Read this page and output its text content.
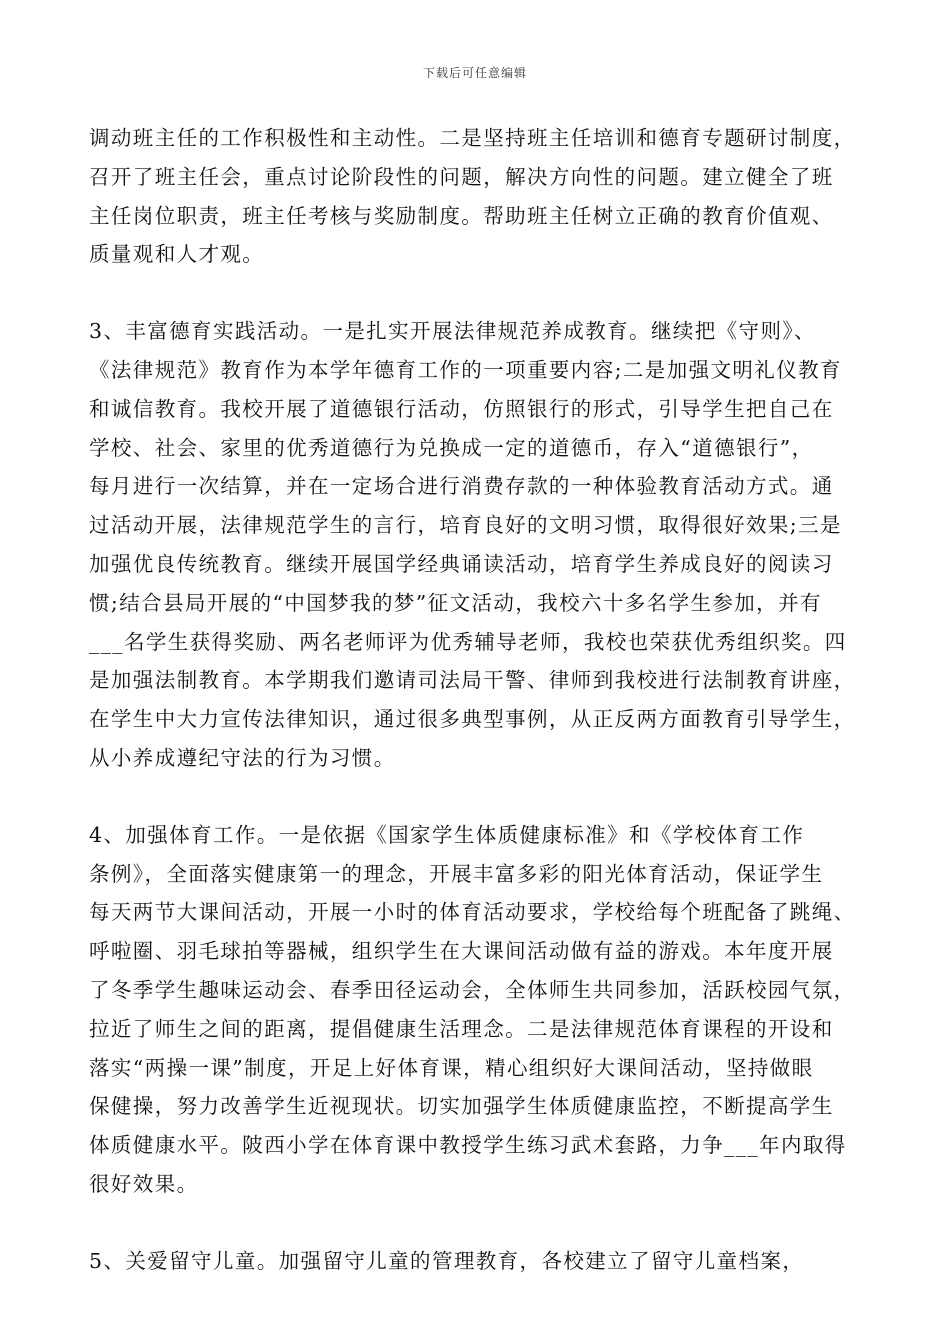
下载后可任意编辑
调动班主任的工作积极性和主动性。二是坚持班主任培训和德育专题研讨制度，
召开了班主任会，重点讨论阶段性的问题，解决方向性的问题。建立健全了班
主任岗位职责，班主任考核与奖励制度。帮助班主任树立正确的教育价值观、
质量观和人才观。
3、丰富德育实践活动。一是扎实开展法律规范养成教育。继续把《守则》、
《法律规范》教育作为本学年德育工作的一项重要内容;二是加强文明礼仪教育
和诚信教育。我校开展了道德银行活动，仿照银行的形式，引导学生把自己在
学校、社会、家里的优秀道德行为兑换成一定的道德币，存入“道德银行”，
每月进行一次结算，并在一定场合进行消费存款的一种体验教育活动方式。通
过活动开展，法律规范学生的言行，培育良好的文明习惯，取得很好效果;三是
加强优良传统教育。继续开展国学经典诵读活动，培育学生养成良好的阅读习
惯;结合县局开展的“中国梦我的梦”征文活动，我校六十多名学生参加，并有
___名学生获得奖励、两名老师评为优秀辅导老师，我校也荣获优秀组织奖。四
是加强法制教育。本学期我们邀请司法局干警、律师到我校进行法制教育讲座，
在学生中大力宣传法律知识，通过很多典型事例，从正反两方面教育引导学生，
从小养成遵纪守法的行为习惯。
4、加强体育工作。一是依据《国家学生体质健康标准》和《学校体育工作
条例》，全面落实健康第一的理念，开展丰富多彩的阳光体育活动，保证学生
每天两节大课间活动，开展一小时的体育活动要求，学校给每个班配备了跳绳、
呼啦圈、羽毛球拍等器械，组织学生在大课间活动做有益的游戏。本年度开展
了冬季学生趣味运动会、春季田径运动会，全体师生共同参加，活跃校园气氛，
拉近了师生之间的距离，提倡健康生活理念。二是法律规范体育课程的开设和
落实“两操一课”制度，开足上好体育课，精心组织好大课间活动，坚持做眼
保健操，努力改善学生近视现状。切实加强学生体质健康监控，不断提高学生
体质健康水平。陂西小学在体育课中教授学生练习武术套路，力争___年内取得
很好效果。
5、关爱留守儿童。加强留守儿童的管理教育，各校建立了留守儿童档案，
